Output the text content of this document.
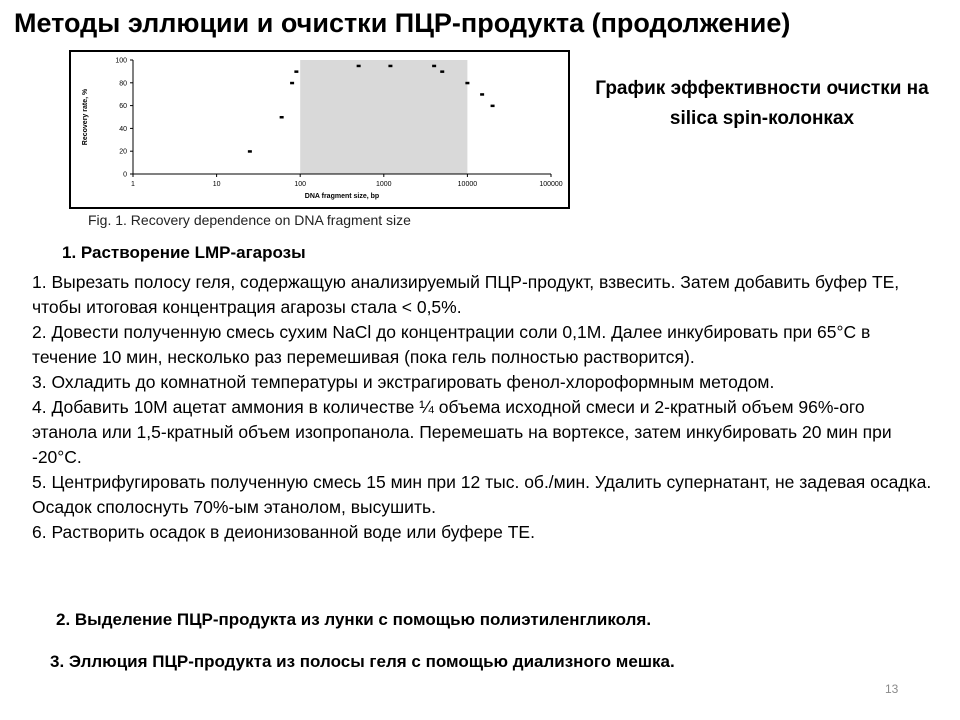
Методы эллюции и очистки ПЦР-продукта (продолжение)
1	10	100	1000	10000	100000
0
20
40
60
80
100
DNA fragment size, bp
Recovery rate, %
Fig. 1. Recovery dependence on DNA fragment size
График эффективности очистки на silica spin-колонках
1. Растворение LMP-агарозы
1. Вырезать полосу геля, содержащую анализируемый ПЦР-продукт, взвесить. Затем добавить буфер ТЕ, чтобы итоговая концентрация агарозы стала < 0,5%.
2. Довести полученную смесь сухим NaCl до концентрации соли 0,1М. Далее инкубировать при 65°С в течение 10 мин, несколько раз перемешивая (пока гель полностью растворится).
3. Охладить до комнатной температуры и экстрагировать фенол-хлороформным методом.
4. Добавить 10М ацетат аммония в количестве ¼ объема исходной смеси и 2-кратный объем 96%-ого этанола или 1,5-кратный объем изопропанола. Перемешать на вортексе, затем инкубировать 20 мин при -20°С.
5. Центрифугировать полученную смесь 15 мин при 12 тыс. об./мин. Удалить супернатант, не задевая осадка. Осадок сполоснуть 70%-ым этанолом, высушить.
6. Растворить осадок в деионизованной воде или буфере ТЕ.
2. Выделение ПЦР-продукта из лунки с помощью полиэтиленгликоля.
3. Эллюция ПЦР-продукта из полосы геля с помощью диализного мешка.
13
